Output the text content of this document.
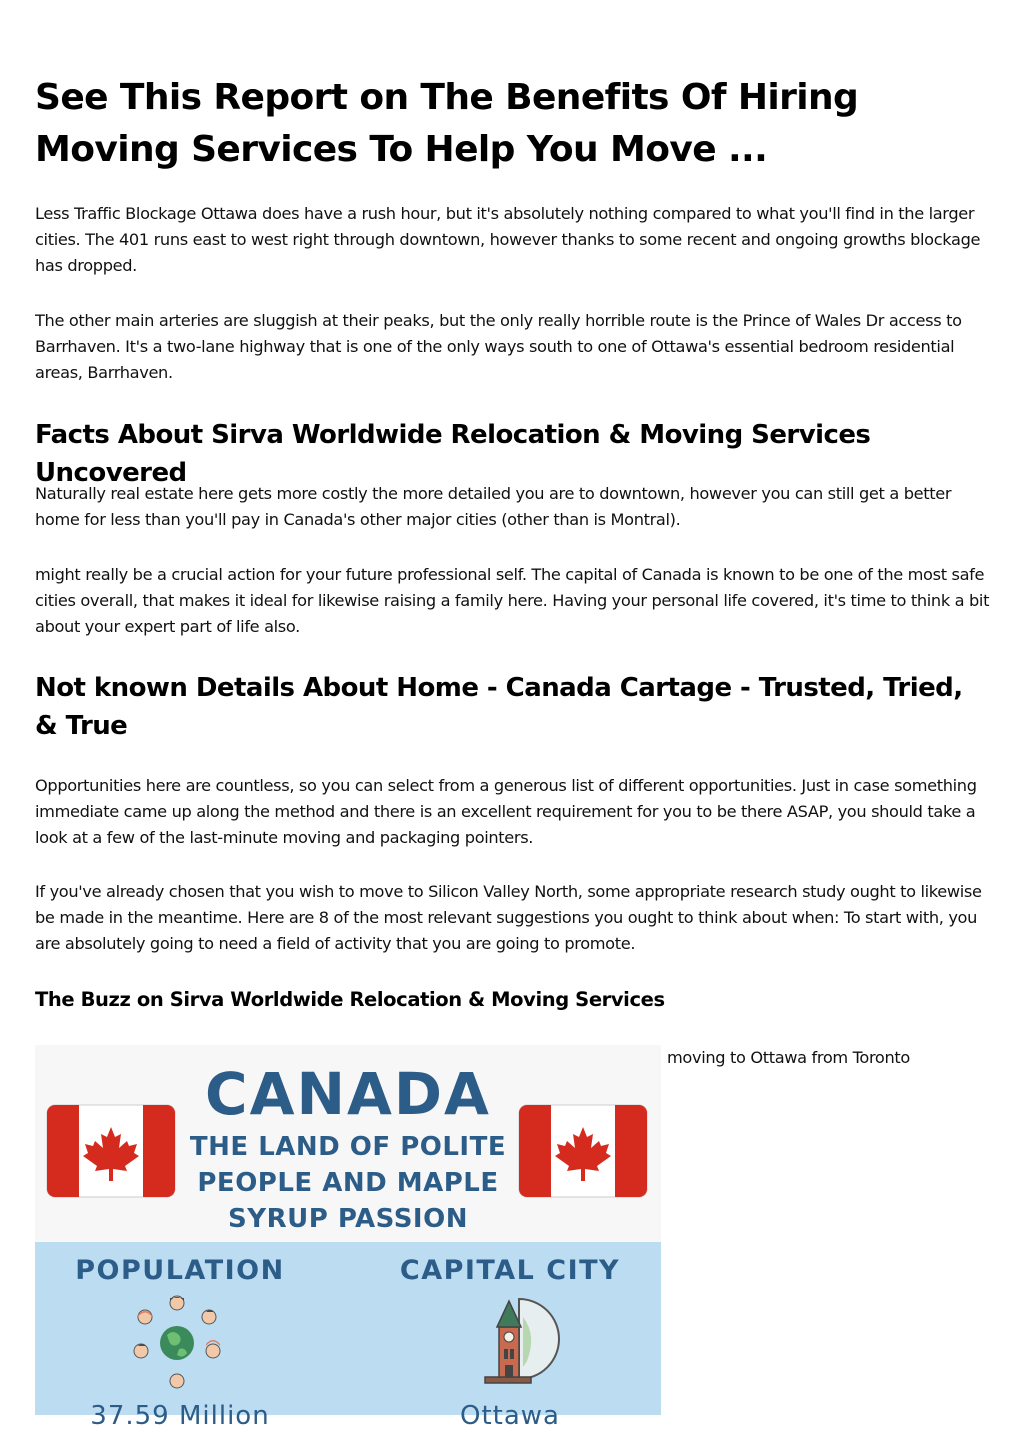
See This Report on The Benefits Of Hiring Moving Services To Help You Move ...

Less Traffic Blockage Ottawa does have a rush hour, but it's absolutely nothing compared to what you'll find in the larger cities. The 401 runs east to west right through downtown, however thanks to some recent and ongoing growths blockage has dropped.

The other main arteries are sluggish at their peaks, but the only really horrible route is the Prince of Wales Dr access to Barrhaven. It's a two-lane highway that is one of the only ways south to one of Ottawa's essential bedroom residential areas, Barrhaven.

Facts About Sirva Worldwide Relocation & Moving Services Uncovered

Naturally real estate here gets more costly the more detailed you are to downtown, however you can still get a better home for less than you'll pay in Canada's other major cities (other than is Montral).

might really be a crucial action for your future professional self. The capital of Canada is known to be one of the most safe cities overall, that makes it ideal for likewise raising a family here. Having your personal life covered, it's time to think a bit about your expert part of life also.

Not known Details About Home - Canada Cartage - Trusted, Tried, & True

Opportunities here are countless, so you can select from a generous list of different opportunities. Just in case something immediate came up along the method and there is an excellent requirement for you to be there ASAP, you should take a look at a few of the last-minute moving and packaging pointers.

If you've already chosen that you wish to move to Silicon Valley North, some appropriate research study ought to likewise be made in the meantime. Here are 8 of the most relevant suggestions you ought to think about when: To start with, you are absolutely going to need a field of activity that you are going to promote.

The Buzz on Sirva Worldwide Relocation & Moving Services
moving to Ottawa from Toronto
CANADA
THE LAND OF POLITE
PEOPLE AND MAPLE
SYRUP PASSION
POPULATION	CAPITAL CITY
37.59 Million	Ottawa
